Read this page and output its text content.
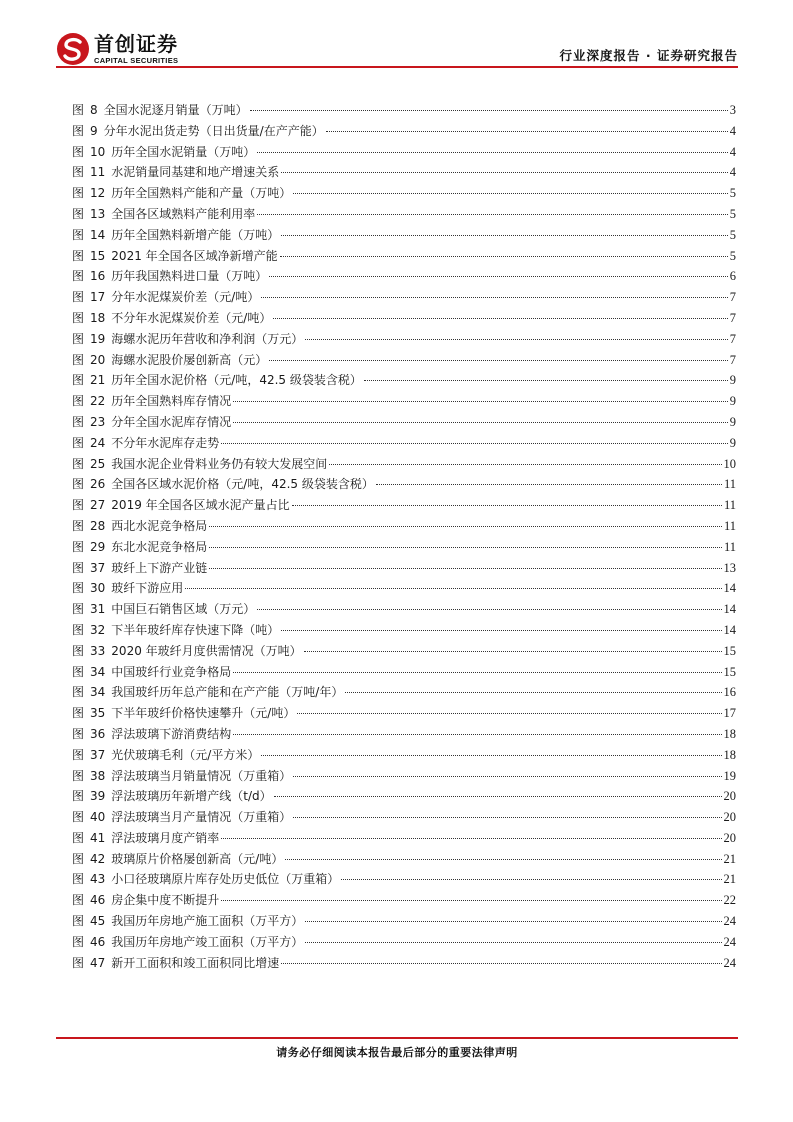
首创证券
CAPITAL SECURITIES	行业深度报告 · 证券研究报告
图 8 全国水泥逐月销量（万吨）	3
图 9 分年水泥出货走势（日出货量/在产产能）	4
图 10 历年全国水泥销量（万吨）	4
图 11 水泥销量同基建和地产增速关系	4
图 12 历年全国熟料产能和产量（万吨）	5
图 13 全国各区域熟料产能利用率	5
图 14 历年全国熟料新增产能（万吨）	5
图 15 2021 年全国各区域净新增产能	5
图 16 历年我国熟料进口量（万吨）	6
图 17 分年水泥煤炭价差（元/吨）	7
图 18 不分年水泥煤炭价差（元/吨）	7
图 19 海螺水泥历年营收和净利润（万元）	7
图 20 海螺水泥股价屡创新高（元）	7
图 21 历年全国水泥价格（元/吨，42.5 级袋装含税）	9
图 22 历年全国熟料库存情况	9
图 23 分年全国水泥库存情况	9
图 24 不分年水泥库存走势	9
图 25 我国水泥企业骨料业务仍有较大发展空间	10
图 26 全国各区域水泥价格（元/吨，42.5 级袋装含税）	11
图 27 2019 年全国各区域水泥产量占比	11
图 28 西北水泥竞争格局	11
图 29 东北水泥竞争格局	11
图 37 玻纤上下游产业链	13
图 30 玻纤下游应用	14
图 31 中国巨石销售区域（万元）	14
图 32 下半年玻纤库存快速下降（吨）	14
图 33 2020 年玻纤月度供需情况（万吨）	15
图 34 中国玻纤行业竞争格局	15
图 34 我国玻纤历年总产能和在产产能（万吨/年）	16
图 35 下半年玻纤价格快速攀升（元/吨）	17
图 36 浮法玻璃下游消费结构	18
图 37 光伏玻璃毛利（元/平方米）	18
图 38 浮法玻璃当月销量情况（万重箱）	19
图 39 浮法玻璃历年新增产线（t/d）	20
图 40 浮法玻璃当月产量情况（万重箱）	20
图 41 浮法玻璃月度产销率	20
图 42 玻璃原片价格屡创新高（元/吨）	21
图 43 小口径玻璃原片库存处历史低位（万重箱）	21
图 46 房企集中度不断提升	22
图 45 我国历年房地产施工面积（万平方）	24
图 46 我国历年房地产竣工面积（万平方）	24
图 47 新开工面积和竣工面积同比增速	24
请务必仔细阅读本报告最后部分的重要法律声明
